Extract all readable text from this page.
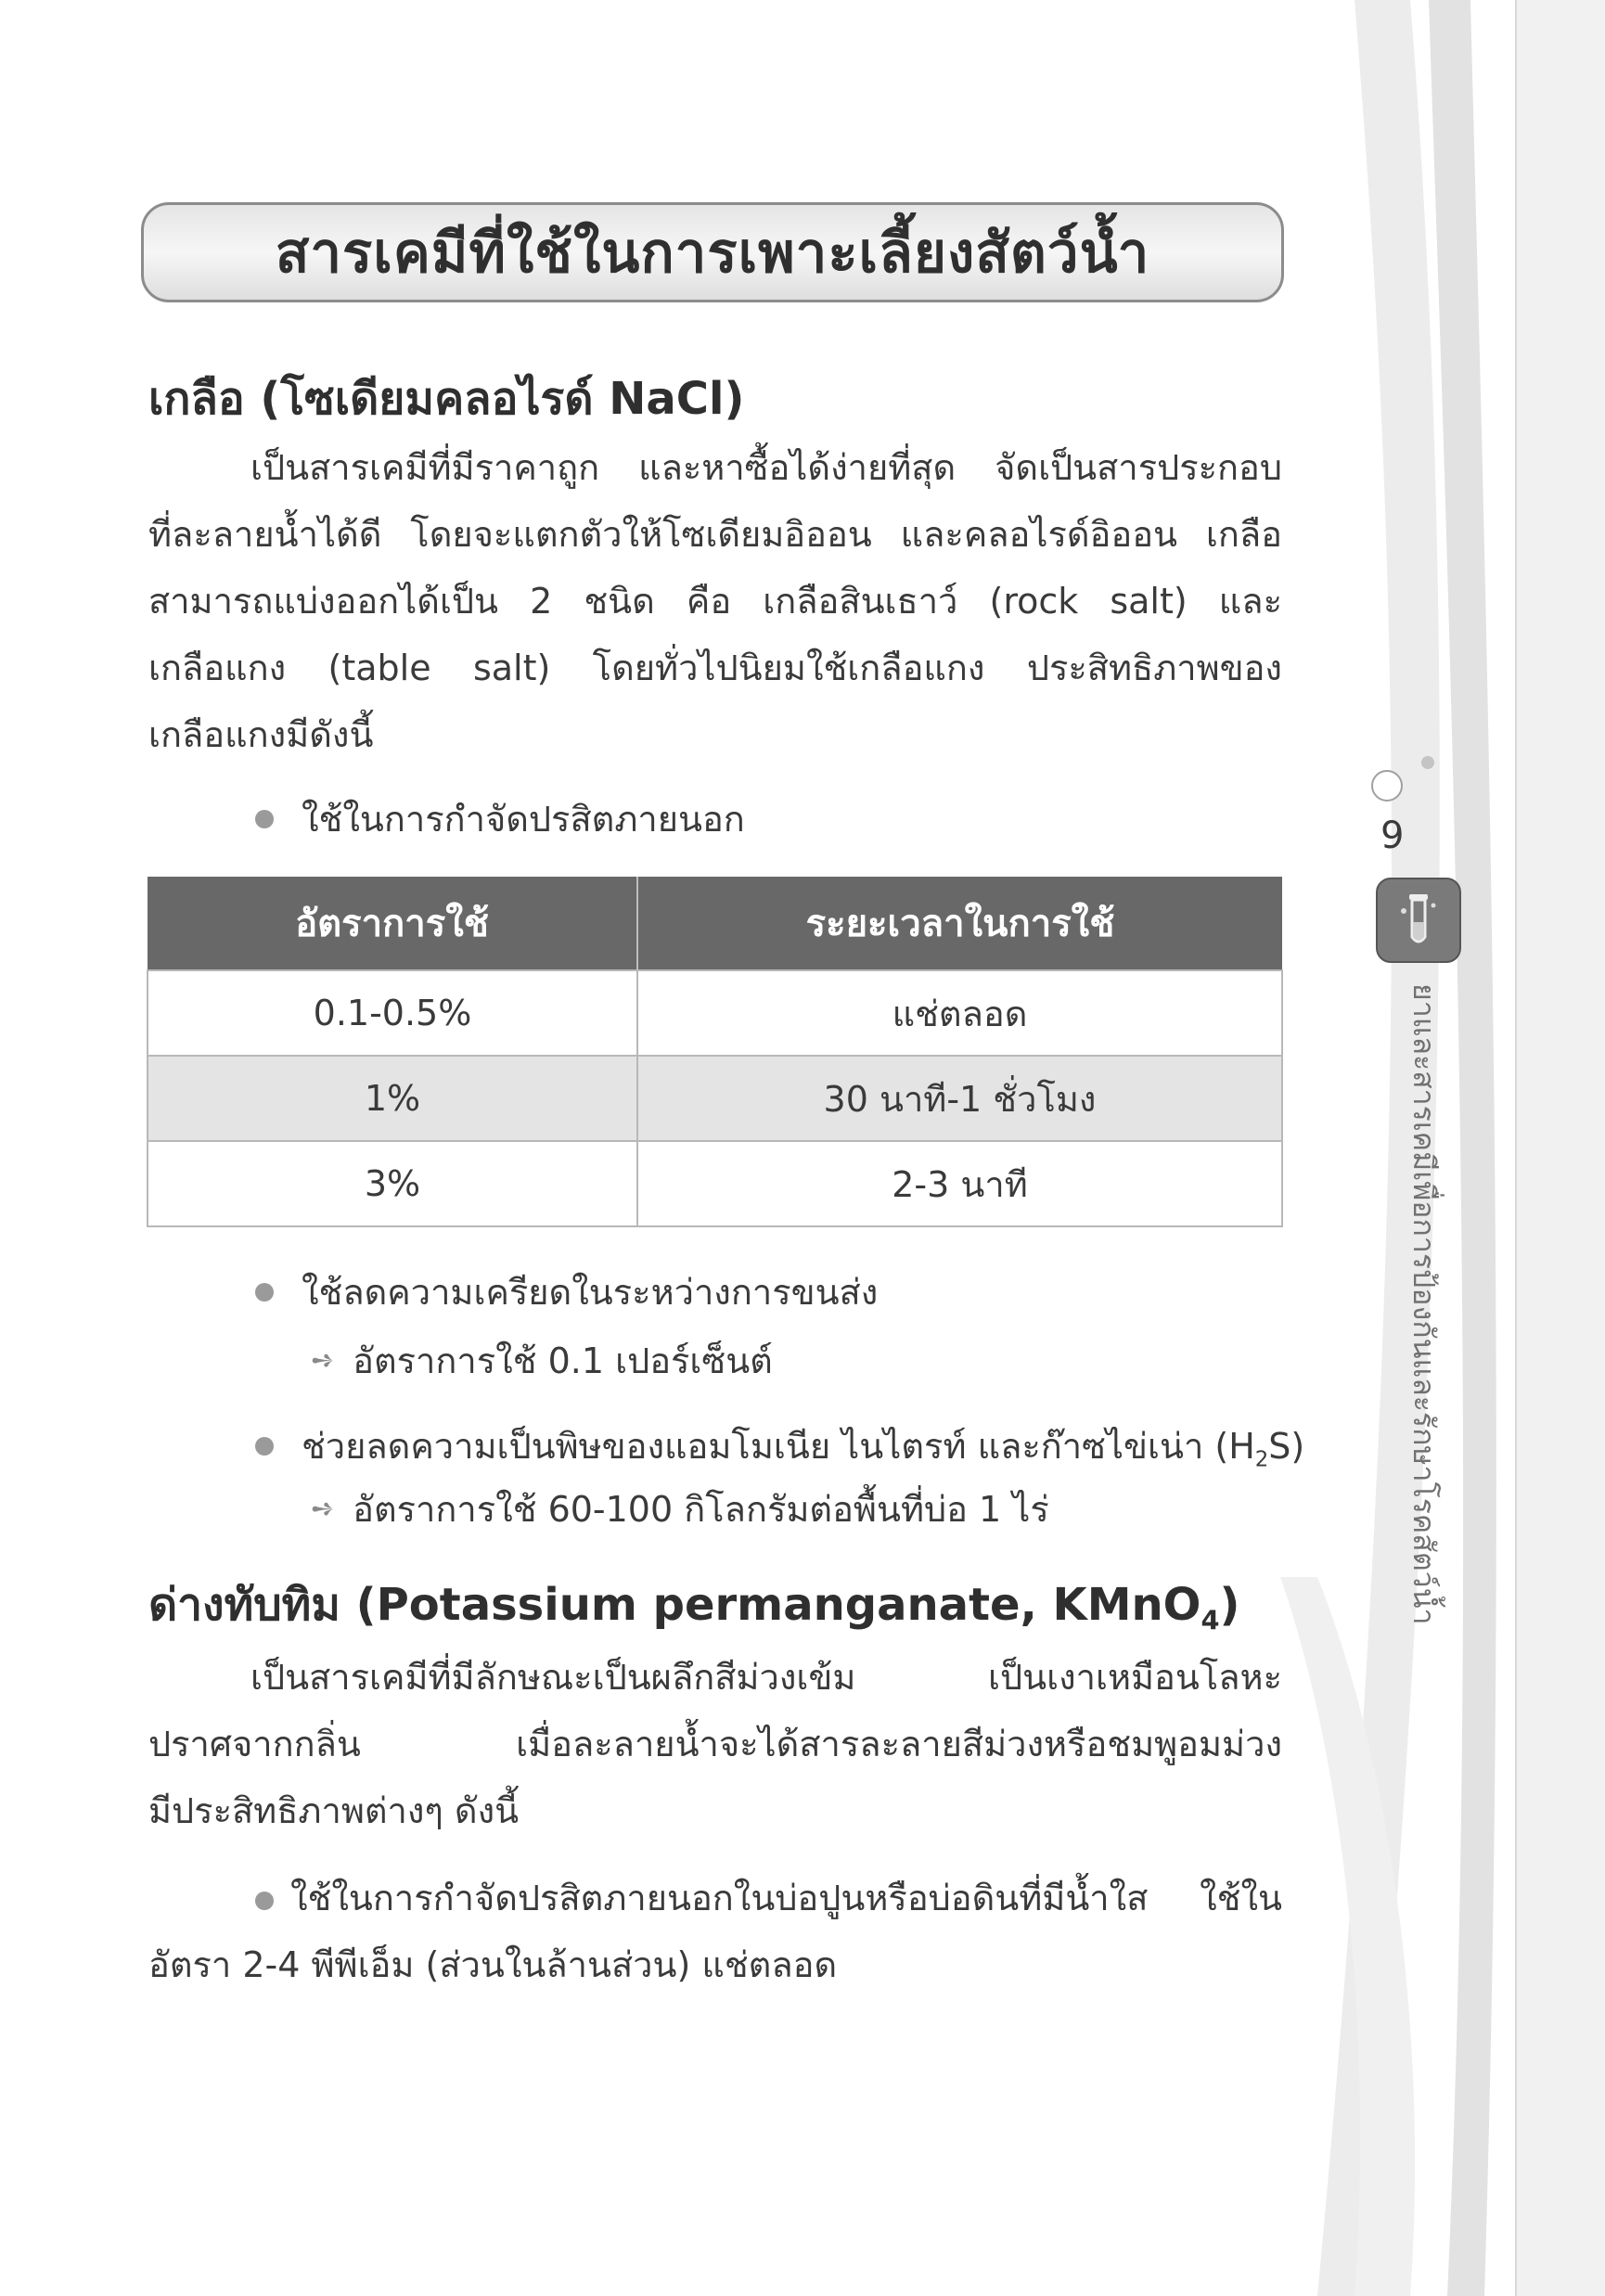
สารเคมีที่ใช้ในการเพาะเลี้ยงสัตว์น้ำ
เกลือ (โซเดียมคลอไรด์ NaCl)
เป็นสารเคมีที่มีราคาถูก และหาซื้อได้ง่ายที่สุด จัดเป็นสารประกอบ
ที่ละลายน้ำได้ดี โดยจะแตกตัวให้โซเดียมอิออน และคลอไรด์อิออน เกลือ
สามารถแบ่งออกได้เป็น 2 ชนิด คือ เกลือสินเธาว์ (rock salt) และ
เกลือแกง (table salt) โดยทั่วไปนิยมใช้เกลือแกง ประสิทธิภาพของ
เกลือแกงมีดังนี้
ใช้ในการกำจัดปรสิตภายนอก
อัตราการใช้	ระยะเวลาในการใช้
0.1-0.5%	แช่ตลอด
1%	30 นาที-1 ชั่วโมง
3%	2-3 นาที
ใช้ลดความเครียดในระหว่างการขนส่ง
➺ อัตราการใช้ 0.1 เปอร์เซ็นต์
ช่วยลดความเป็นพิษของแอมโมเนีย ไนไตรท์ และก๊าซไข่เน่า $(H_2S)$
➺ อัตราการใช้ 60-100 กิโลกรัมต่อพื้นที่บ่อ 1 ไร่
ด่างทับทิม (Potassium permanganate, KMnO$_4$)
เป็นสารเคมีที่มีลักษณะเป็นผลึกสีม่วงเข้ม เป็นเงาเหมือนโลหะ
ปราศจากกลิ่น เมื่อละลายน้ำจะได้สารละลายสีม่วงหรือชมพูอมม่วง
มีประสิทธิภาพต่างๆ ดังนี้
ใช้ในการกำจัดปรสิตภายนอกในบ่อปูนหรือบ่อดินที่มีน้ำใส ใช้ใน
อัตรา 2-4 พีพีเอ็ม (ส่วนในล้านส่วน) แช่ตลอด
9
ยาและสารเคมีเพื่อการป้องกันและรักษาโรคสัตว์น้ำ
